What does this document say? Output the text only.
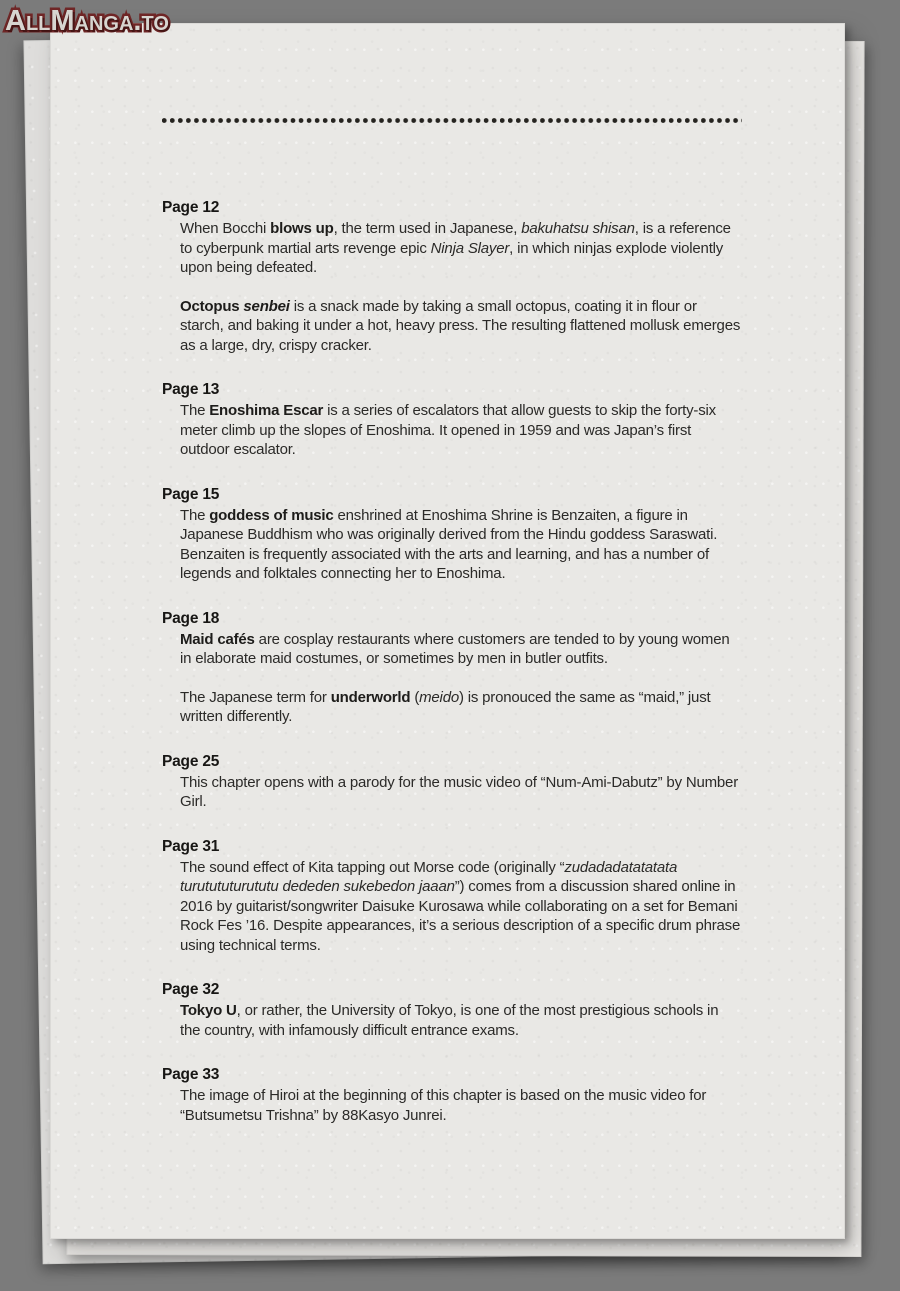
Page 12

When Bocchi blows up, the term used in Japanese, bakuhatsu shisan, is a reference to cyberpunk martial arts revenge epic Ninja Slayer, in which ninjas explode violently upon being defeated.

Octopus senbei is a snack made by taking a small octopus, coating it in flour or starch, and baking it under a hot, heavy press. The resulting flattened mollusk emerges as a large, dry, crispy cracker.

Page 13

The Enoshima Escar is a series of escalators that allow guests to skip the forty-six meter climb up the slopes of Enoshima. It opened in 1959 and was Japan’s first outdoor escalator.

Page 15

The goddess of music enshrined at Enoshima Shrine is Benzaiten, a figure in Japanese Buddhism who was originally derived from the Hindu goddess Saraswati. Benzaiten is frequently associated with the arts and learning, and has a number of legends and folktales connecting her to Enoshima.

Page 18

Maid cafés are cosplay restaurants where customers are tended to by young women in elaborate maid costumes, or sometimes by men in butler outfits.

The Japanese term for underworld (meido) is pronouced the same as “maid,” just written differently.

Page 25

This chapter opens with a parody for the music video of “Num-Ami-Dabutz” by Number Girl.

Page 31

The sound effect of Kita tapping out Morse code (originally “zudadadatatatata turutututurututu dededen sukebedon jaaan”) comes from a discussion shared online in 2016 by guitarist/songwriter Daisuke Kurosawa while collaborating on a set for Bemani Rock Fes ’16. Despite appearances, it’s a serious description of a specific drum phrase using technical terms.

Page 32

Tokyo U, or rather, the University of Tokyo, is one of the most prestigious schools in the country, with infamously difficult entrance exams.

Page 33

The image of Hiroi at the beginning of this chapter is based on the music video for “Butsumetsu Trishna” by 88Kasyo Junrei.

AllManga.to
